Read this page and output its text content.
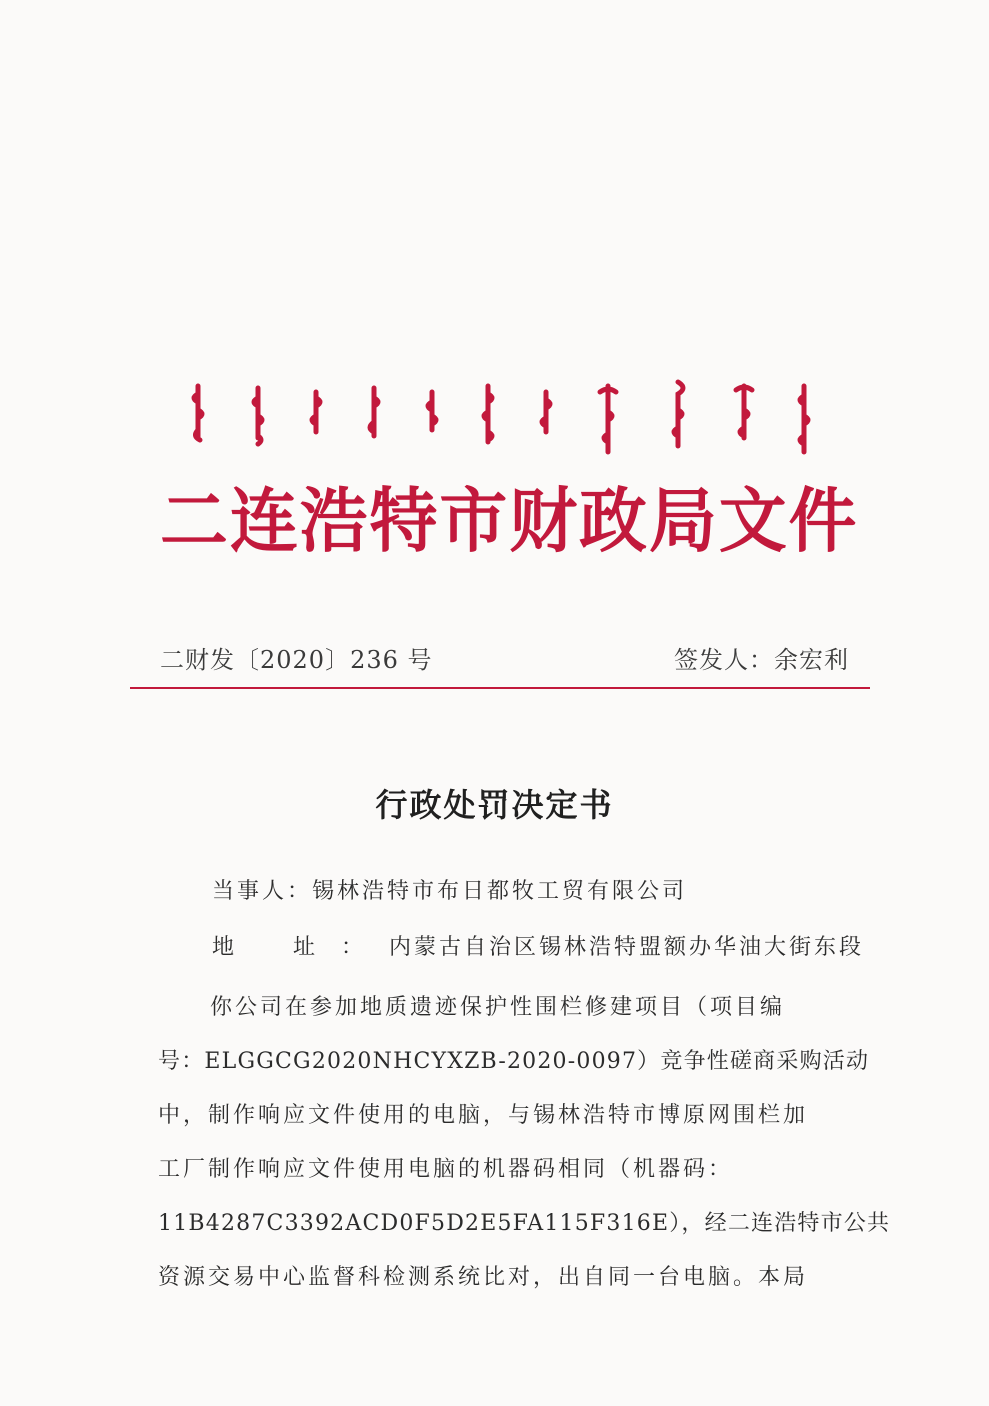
二连浩特市财政局文件
二财发〔2020〕236 号	签发人：余宏利
行政处罚决定书
当事人：锡林浩特市布日都牧工贸有限公司
地 址：内蒙古自治区锡林浩特盟额办华油大街东段
你公司在参加地质遗迹保护性围栏修建项目（项目编
号：ELGGCG2020NHCYXZB-2020-0097）竞争性磋商采购活动
中，制作响应文件使用的电脑，与锡林浩特市博原网围栏加
工厂制作响应文件使用电脑的机器码相同（机器码：
11B4287C3392ACD0F5D2E5FA115F316E），经二连浩特市公共
资源交易中心监督科检测系统比对，出自同一台电脑。本局
